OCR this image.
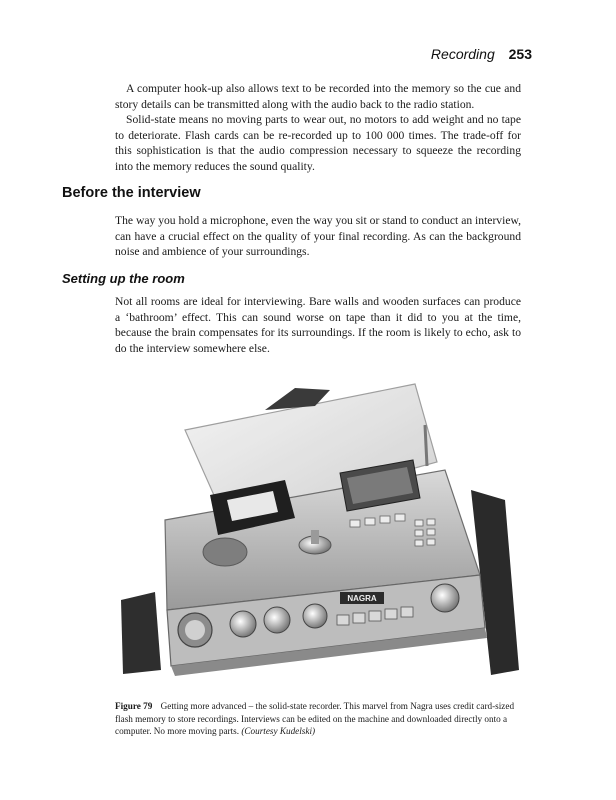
Recording 253

A computer hook-up also allows text to be recorded into the memory so the cue and story details can be transmitted along with the audio back to the radio station.

Solid-state means no moving parts to wear out, no motors to add weight and no tape to deteriorate. Flash cards can be re-recorded up to 100 000 times. The trade-off for this sophistication is that the audio compression necessary to squeeze the recording into the memory reduces the sound quality.

Before the interview

The way you hold a microphone, even the way you sit or stand to conduct an interview, can have a crucial effect on the quality of your final recording. As can the background noise and ambience of your surroundings.

Setting up the room

Not all rooms are ideal for interviewing. Bare walls and wooden surfaces can produce a ‘bathroom’ effect. This can sound worse on tape than it did to you at the time, because the brain compensates for its surroundings. If the room is likely to echo, ask to do the interview somewhere else.

NAGRA

Figure 79 Getting more advanced – the solid-state recorder. This marvel from Nagra uses credit card-sized flash memory to store recordings. Interviews can be edited on the machine and downloaded directly onto a computer. No more moving parts. (Courtesy Kudelski)
